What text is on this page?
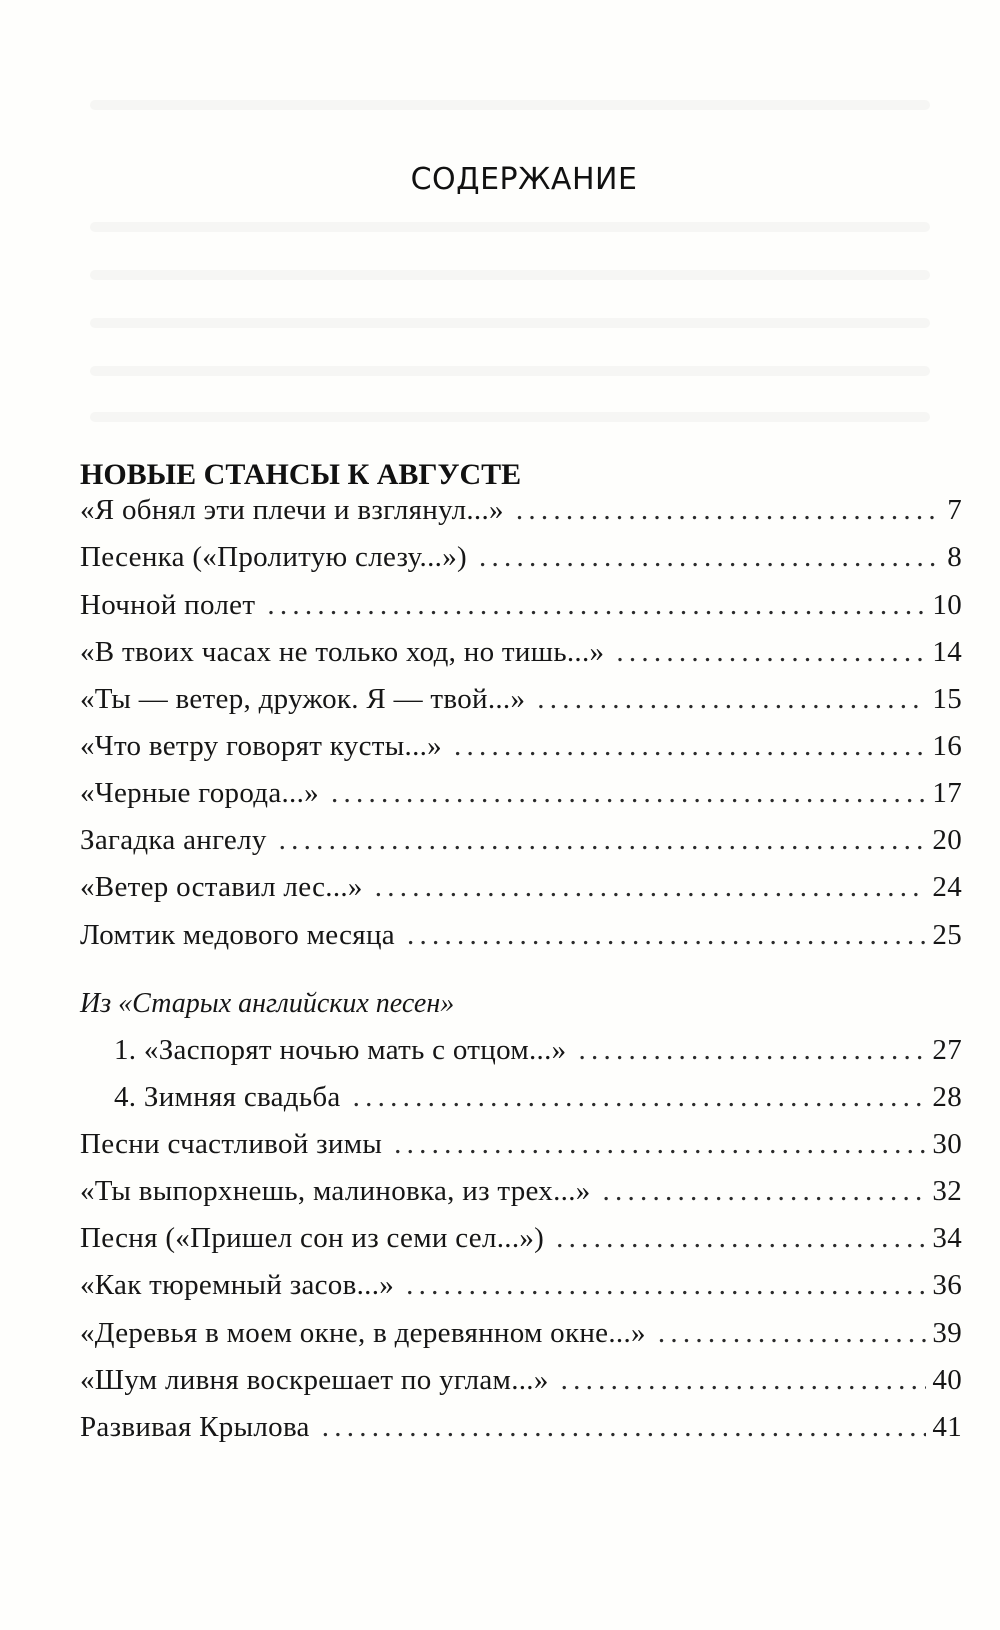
СОДЕРЖАНИЕ
НОВЫЕ СТАНСЫ К АВГУСТЕ
«Я обнял эти плечи и взглянул...» . . .	7
Песенка («Пролитую слезу...») . . .	8
Ночной полет . . .	10
«В твоих часах не только ход, но тишь...» . . .	14
«Ты — ветер, дружок. Я — твой...» . . .	15
«Что ветру говорят кусты...» . . .	16
«Черные города...» . . .	17
Загадка ангелу . . .	20
«Ветер оставил лес...» . . .	24
Ломтик медового месяца . . .	25
1. «Заспорят ночью мать с отцом...» . . .	27
4. Зимняя свадьба . . .	28
Песни счастливой зимы . . .	30
«Ты выпорхнешь, малиновка, из трех...» . . .	32
Песня («Пришел сон из семи сел...») . . .	34
«Как тюремный засов...» . . .	36
«Деревья в моем окне, в деревянном окне...» . . .	39
«Шум ливня воскрешает по углам...» . . .	40
Развивая Крылова . . .	41
Из «Старых английских песен»
